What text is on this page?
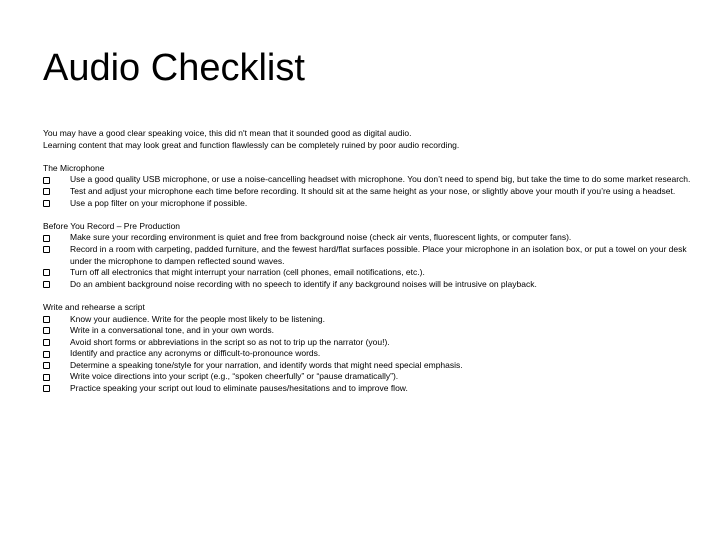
Audio Checklist

You may have a good clear speaking voice, this did n't mean that it sounded good as digital audio.

Learning content that may look great and function flawlessly can be completely ruined by poor audio recording.

The Microphone

Use a good quality USB microphone, or use a noise-cancelling headset with microphone. You don’t need to spend big, but take the time to do some market research.
Test and adjust your microphone each time before recording. It should sit at the same height as your nose, or slightly above your mouth if you’re using a headset.
Use a pop filter on your microphone if possible.

Before You Record – Pre Production

Make sure your recording environment is quiet and free from background noise (check air vents, fluorescent lights, or computer fans).
Record in a room with carpeting, padded furniture, and the fewest hard/flat surfaces possible. Place your microphone in an isolation box, or put a towel on your desk under the microphone to dampen reflected sound waves.
Turn off all electronics that might interrupt your narration (cell phones, email notifications, etc.).
Do an ambient background noise recording with no speech to identify if any background noises will be intrusive on playback.

Write and rehearse a script

Know your audience. Write for the people most likely to be listening.
Write in a conversational tone, and in your own words.
Avoid short forms or abbreviations in the script so as not to trip up the narrator (you!).
Identify and practice any acronyms or difficult-to-pronounce words.
Determine a speaking tone/style for your narration, and identify words that might need special emphasis.
Write voice directions into your script (e.g., “spoken cheerfully” or “pause dramatically”).
Practice speaking your script out loud to eliminate pauses/hesitations and to improve flow.
